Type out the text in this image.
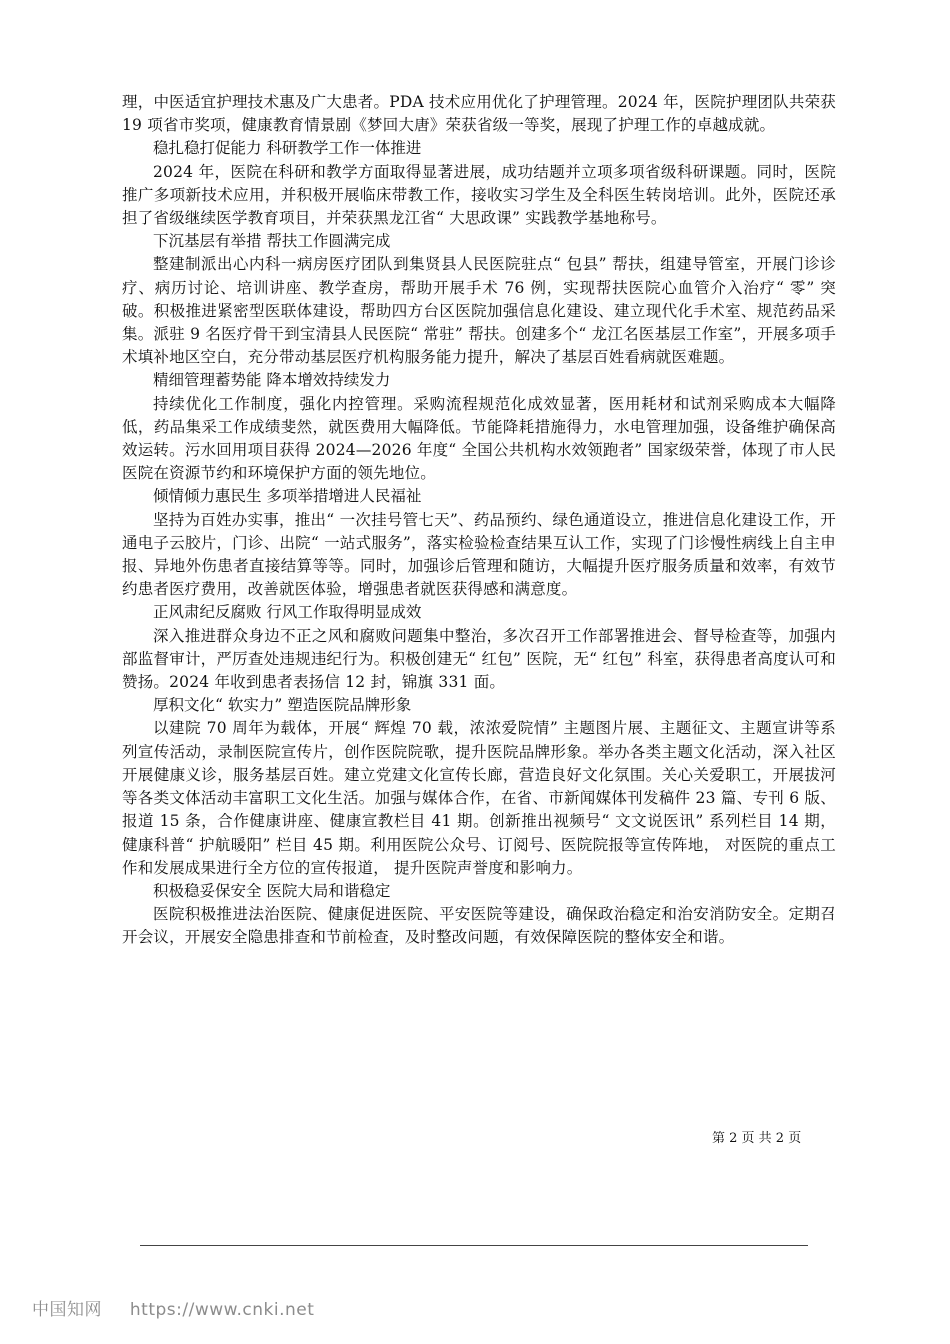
理，中医适宜护理技术惠及广大患者。PDA 技术应用优化了护理管理。2024 年，医院护理团队共荣获 19 项省市奖项，健康教育情景剧《梦回大唐》荣获省级一等奖，展现了护理工作的卓越成就。

稳扎稳打促能力 科研教学工作一体推进

2024 年，医院在科研和教学方面取得显著进展，成功结题并立项多项省级科研课题。同时，医院推广多项新技术应用，并积极开展临床带教工作，接收实习学生及全科医生转岗培训。此外，医院还承担了省级继续医学教育项目，并荣获黑龙江省“ 大思政课” 实践教学基地称号。

下沉基层有举措 帮扶工作圆满完成

整建制派出心内科一病房医疗团队到集贤县人民医院驻点“ 包县” 帮扶，组建导管室，开展门诊诊疗、病历讨论、培训讲座、教学查房，帮助开展手术 76 例，实现帮扶医院心血管介入治疗“ 零” 突破。积极推进紧密型医联体建设，帮助四方台区医院加强信息化建设、建立现代化手术室、规范药品采集。派驻 9 名医疗骨干到宝清县人民医院“ 常驻” 帮扶。创建多个“ 龙江名医基层工作室”，开展多项手术填补地区空白，充分带动基层医疗机构服务能力提升，解决了基层百姓看病就医难题。

精细管理蓄势能 降本增效持续发力

持续优化工作制度，强化内控管理。采购流程规范化成效显著，医用耗材和试剂采购成本大幅降低，药品集采工作成绩斐然，就医费用大幅降低。节能降耗措施得力，水电管理加强，设备维护确保高效运转。污水回用项目获得 2024—2026 年度“ 全国公共机构水效领跑者” 国家级荣誉，体现了市人民医院在资源节约和环境保护方面的领先地位。

倾情倾力惠民生 多项举措增进人民福祉

坚持为百姓办实事，推出“ 一次挂号管七天”、药品预约、绿色通道设立，推进信息化建设工作，开通电子云胶片，门诊、出院“ 一站式服务”，落实检验检查结果互认工作，实现了门诊慢性病线上自主申报、异地外伤患者直接结算等等。同时，加强诊后管理和随访，大幅提升医疗服务质量和效率，有效节约患者医疗费用，改善就医体验，增强患者就医获得感和满意度。

正风肃纪反腐败 行风工作取得明显成效

深入推进群众身边不正之风和腐败问题集中整治，多次召开工作部署推进会、督导检查等，加强内部监督审计，严厉查处违规违纪行为。积极创建无“ 红包” 医院，无“ 红包” 科室，获得患者高度认可和赞扬。2024 年收到患者表扬信 12 封，锦旗 331 面。

厚积文化“ 软实力” 塑造医院品牌形象

以建院 70 周年为载体，开展“ 辉煌 70 载，浓浓爱院情” 主题图片展、主题征文、主题宣讲等系列宣传活动，录制医院宣传片，创作医院院歌，提升医院品牌形象。举办各类主题文化活动，深入社区开展健康义诊，服务基层百姓。建立党建文化宣传长廊，营造良好文化氛围。关心关爱职工，开展拔河等各类文体活动丰富职工文化生活。加强与媒体合作，在省、市新闻媒体刊发稿件 23 篇、专刊 6 版、报道 15 条，合作健康讲座、健康宣教栏目 41 期。创新推出视频号“ 文文说医讯” 系列栏目 14 期，健康科普“ 护航暖阳” 栏目 45 期。利用医院公众号、订阅号、医院院报等宣传阵地， 对医院的重点工作和发展成果进行全方位的宣传报道， 提升医院声誉度和影响力。

积极稳妥保安全 医院大局和谐稳定

医院积极推进法治医院、健康促进医院、平安医院等建设，确保政治稳定和治安消防安全。定期召开会议，开展安全隐患排查和节前检查，及时整改问题，有效保障医院的整体安全和谐。

第 2 页 共 2 页
中国知网 https://www.cnki.net
